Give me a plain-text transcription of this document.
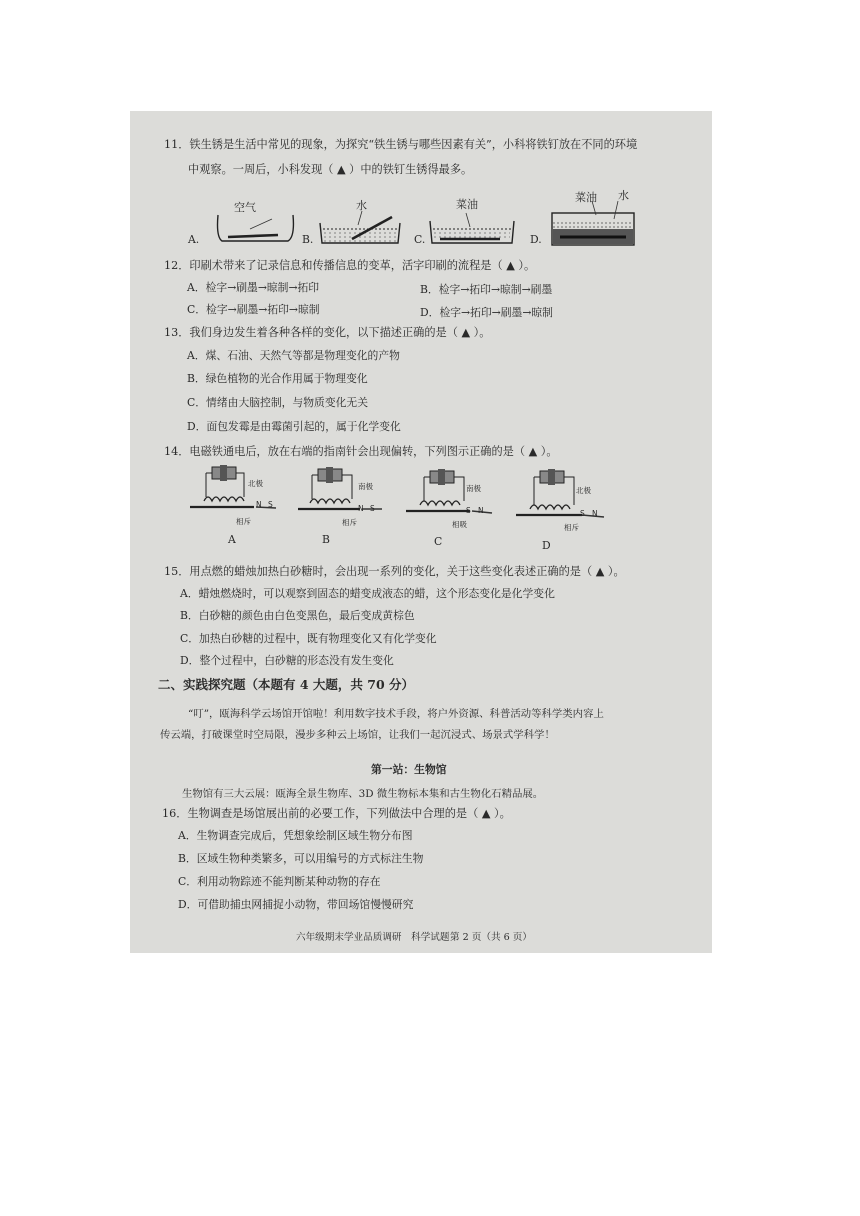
11．铁生锈是生活中常见的现象，为探究“铁生锈与哪些因素有关”，小科将铁钉放在不同的环境
中观察。一周后，小科发现（ ▲ ）中的铁钉生锈得最多。
A.
空气
B.
水
C.
菜油
D.
菜油 水
12．印刷术带来了记录信息和传播信息的变革，活字印刷的流程是（ ▲ ）。
A．检字→刷墨→晾制→拓印	B．检字→拓印→晾制→刷墨
C．检字→刷墨→拓印→晾制	D．检字→拓印→刷墨→晾制
13．我们身边发生着各种各样的变化，以下描述正确的是（ ▲ ）。
A．煤、石油、天然气等都是物理变化的产物
B．绿色植物的光合作用属于物理变化
C．情绪由大脑控制，与物质变化无关
D．面包发霉是由霉菌引起的，属于化学变化
14．电磁铁通电后，放在右端的指南针会出现偏转，下列图示正确的是（ ▲ ）。
北极
N S
相斥
A
南极
N S
相斥
B
南极
S N
相吸
C
北极
S N
相斥
D
15．用点燃的蜡烛加热白砂糖时，会出现一系列的变化，关于这些变化表述正确的是（ ▲ ）。
A．蜡烛燃烧时，可以观察到固态的蜡变成液态的蜡，这个形态变化是化学变化
B．白砂糖的颜色由白色变黑色，最后变成黄棕色
C．加热白砂糖的过程中，既有物理变化又有化学变化
D．整个过程中，白砂糖的形态没有发生变化
二、实践探究题（本题有 4 大题，共 70 分）
“叮”，瓯海科学云场馆开馆啦！利用数字技术手段，将户外资源、科普活动等科学类内容上
传云端，打破课堂时空局限，漫步多种云上场馆，让我们一起沉浸式、场景式学科学！
第一站：生物馆
生物馆有三大云展：瓯海全景生物库、3D 微生物标本集和古生物化石精品展。
16．生物调查是场馆展出前的必要工作，下列做法中合理的是（ ▲ ）。
A．生物调查完成后，凭想象绘制区域生物分布图
B．区域生物种类繁多，可以用编号的方式标注生物
C．利用动物踪迹不能判断某种动物的存在
D．可借助捕虫网捕捉小动物，带回场馆慢慢研究
六年级期末学业品质调研　科学试题 第 2 页（共 6 页）
